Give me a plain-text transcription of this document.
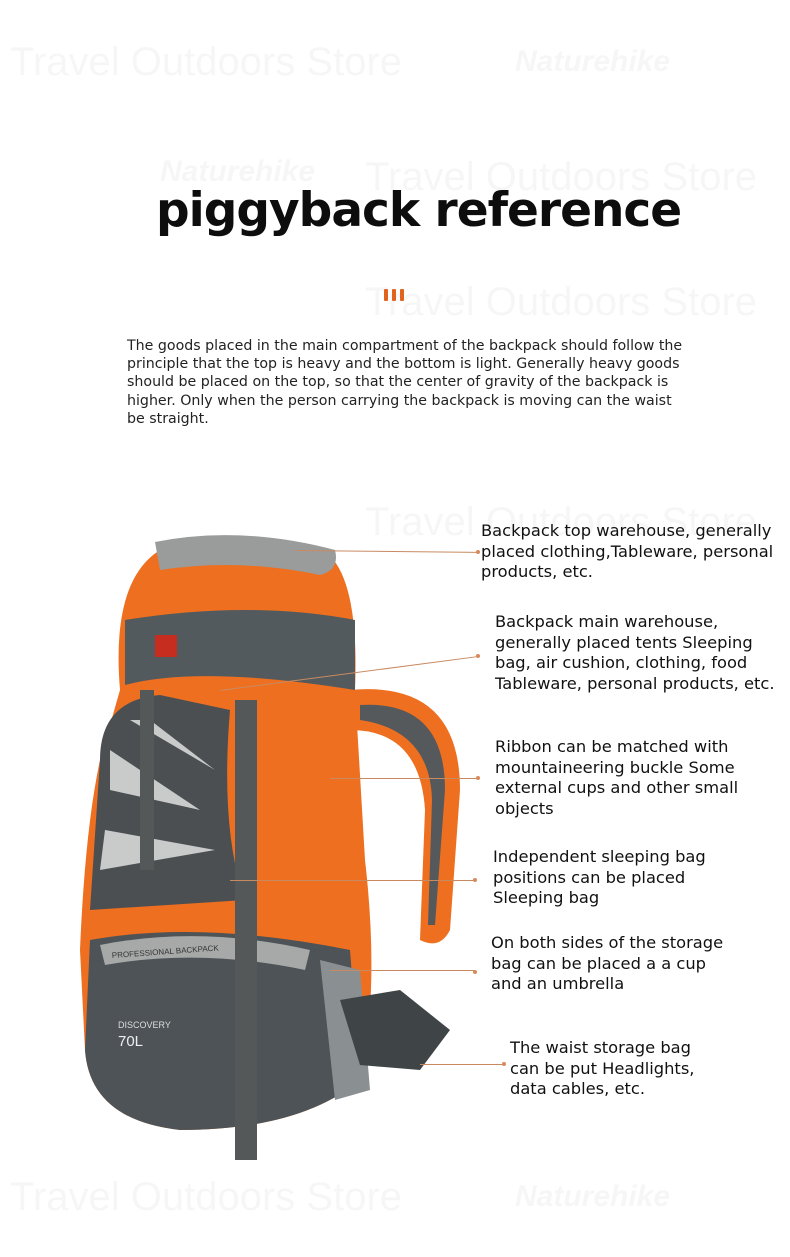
piggyback reference
The goods placed in the main compartment of the backpack should follow the principle that the top is heavy and the bottom is light. Generally heavy goods should be placed on the top, so that the center of gravity of the backpack is higher. Only when the person carrying the backpack is moving can the waist be straight.
DISCOVERY
70L
PROFESSIONAL BACKPACK
Backpack top warehouse, generally placed clothing,Tableware, personal products, etc.
Backpack main warehouse, generally placed tents Sleeping bag, air cushion, clothing, food Tableware, personal products, etc.
Ribbon can be matched with mountaineering buckle Some external cups and other small objects
Independent sleeping bag positions can be placed Sleeping bag
On both sides of the storage bag can be placed a a cup and an umbrella
The waist storage bag can be put Headlights, data cables, etc.
